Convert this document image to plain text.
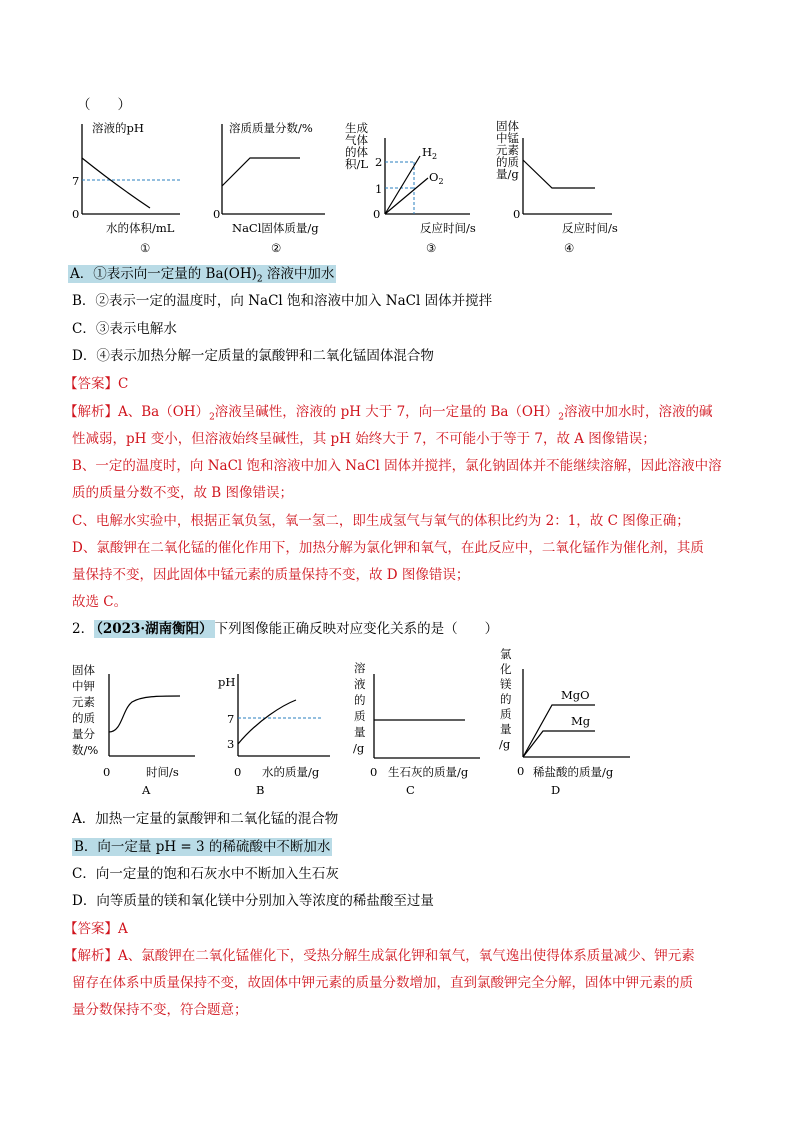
（　　）
溶液的pH
7
0
水的体积/mL
①
溶质质量分数/%
0
NaCl固体质量/g
②
生成
气体
的体
积/L 2
1
0
$H_2$
$O_2$
反应时间/s
③
固体
中锰
元素
的质
量/g
0
反应时间/s
④
A．①表示向一定量的 $Ba(OH)_2$ 溶液中加水
B．②表示一定的温度时，向 NaCl 饱和溶液中加入 NaCl 固体并搅拌
C．③表示电解水
D．④表示加热分解一定质量的氯酸钾和二氧化锰固体混合物
【答案】C
【解析】A、$Ba(OH)_2$溶液呈碱性，溶液的 pH 大于 7，向一定量的 $Ba(OH)_2$溶液中加水时，溶液的碱
性减弱，pH 变小，但溶液始终呈碱性，其 pH 始终大于 7，不可能小于等于 7，故 A 图像错误；
B、一定的温度时，向 NaCl 饱和溶液中加入 NaCl 固体并搅拌，氯化钠固体并不能继续溶解，因此溶液中溶
质的质量分数不变，故 B 图像错误；
C、电解水实验中，根据正氧负氢，氧一氢二，即生成氢气与氧气的体积比约为 2：1，故 C 图像正确；
D、氯酸钾在二氧化锰的催化作用下，加热分解为氯化钾和氧气，在此反应中，二氧化锰作为催化剂，其质
量保持不变，因此固体中锰元素的质量保持不变，故 D 图像错误；
故选 C。
2． （2023·湖南衡阳） 下列图像能正确反映对应变化关系的是（　　）
固体
中钾
元素
的质
量分
数/%
0	时间/s
A
pH
7
3
0 水的质量/g
B
溶
液
的
质
量
/g
0 生石灰的质量/g
C
氯
化
镁
的
质
量
/g
0
MgO
Mg
稀盐酸的质量/g
D
A．加热一定量的氯酸钾和二氧化锰的混合物
B．向一定量 pH = 3 的稀硫酸中不断加水
C．向一定量的饱和石灰水中不断加入生石灰
D．向等质量的镁和氧化镁中分别加入等浓度的稀盐酸至过量
【答案】A
【解析】A、氯酸钾在二氧化锰催化下，受热分解生成氯化钾和氧气，氧气逸出使得体系质量减少、钾元素
留存在体系中质量保持不变，故固体中钾元素的质量分数增加，直到氯酸钾完全分解，固体中钾元素的质
量分数保持不变，符合题意；
